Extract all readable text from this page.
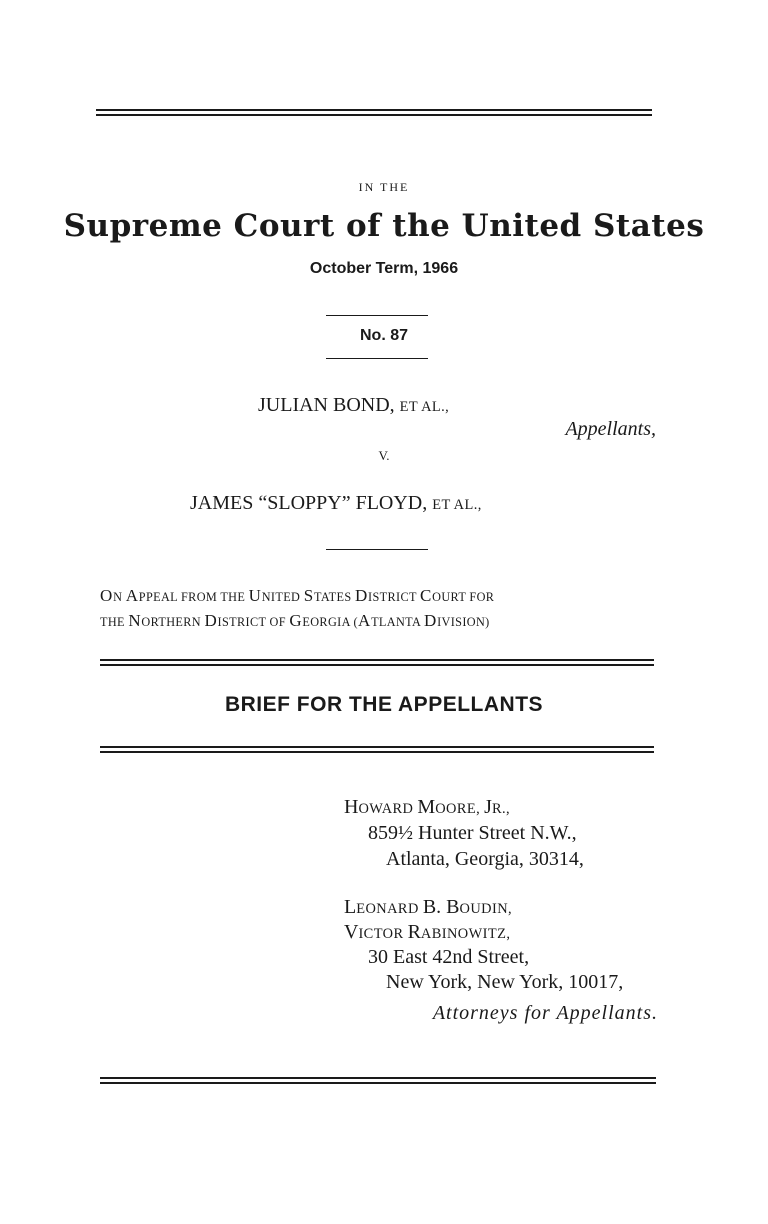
IN THE
Supreme Court of the United States
October Term, 1966
No. 87
JULIAN BOND, ET AL.,
Appellants,
V.
JAMES “SLOPPY” FLOYD, ET AL.,
ON APPEAL FROM THE UNITED STATES DISTRICT COURT FOR
THE NORTHERN DISTRICT OF GEORGIA (ATLANTA DIVISION)
BRIEF FOR THE APPELLANTS
HOWARD MOORE, JR.,
859½ Hunter Street N.W.,
Atlanta, Georgia, 30314,
LEONARD B. BOUDIN,
VICTOR RABINOWITZ,
30 East 42nd Street,
New York, New York, 10017,
Attorneys for Appellants.
